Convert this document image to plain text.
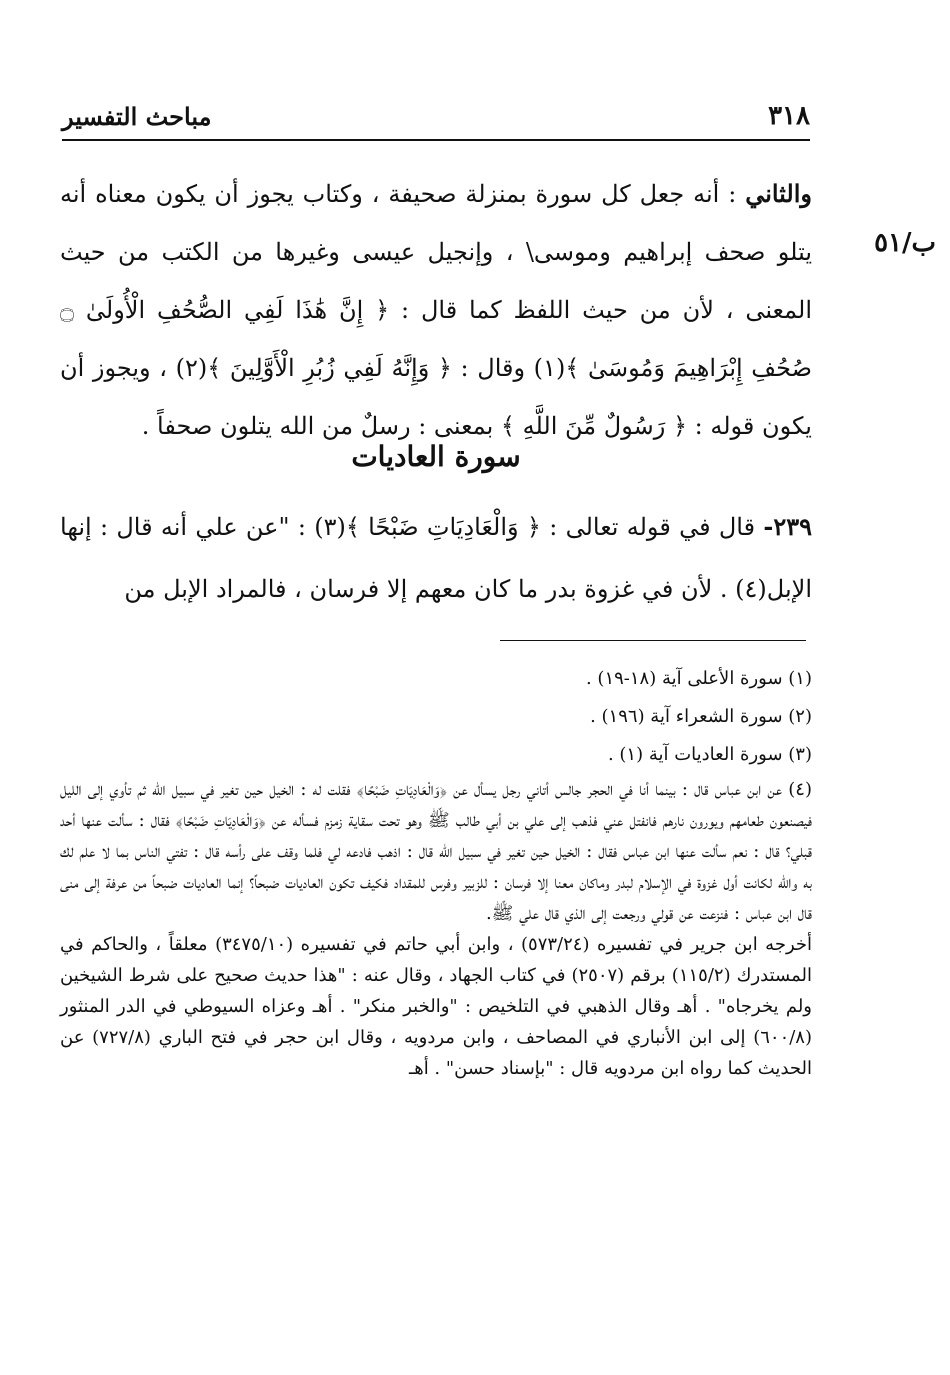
٣١٨
مباحث التفسير
ب/٥١

والثاني : أنه جعل كل سورة بمنزلة صحيفة ، وكتاب يجوز أن يكون معناه أنه يتلو صحف إبراهيم وموسى\ ، وإنجيل عيسى وغيرها من الكتب من حيث المعنى ، لأن من حيث اللفظ كما قال : ﴿ إِنَّ هَٰذَا لَفِي الصُّحُفِ الْأُولَىٰ ۝ صُحُفِ إِبْرَاهِيمَ وَمُوسَىٰ ﴾(١) وقال : ﴿ وَإِنَّهُ لَفِي زُبُرِ الْأَوَّلِينَ ﴾(٢) ، ويجوز أن يكون قوله : ﴿ رَسُولٌ مِّنَ اللَّهِ ﴾ بمعنى : رسلٌ من الله يتلون صحفاً .

سورة العاديات

٢٣٩- قال في قوله تعالى : ﴿ وَالْعَادِيَاتِ ضَبْحًا ﴾(٣) : "عن علي أنه قال : إنها الإبل(٤) . لأن في غزوة بدر ما كان معهم إلا فرسان ، فالمراد الإبل من

(١) سورة الأعلى آية (١٨-١٩) .

(٢) سورة الشعراء آية (١٩٦) .

(٣) سورة العاديات آية (١) .

(٤) عن ابن عباس قال : بينما أنا في الحجر جالس أتاني رجل يسأل عن ﴿وَالْعَادِيَاتِ ضَبْحًا﴾ فقلت له : الخيل حين تغير في سبيل الله ثم تأوي إلى الليل فيصنعون طعامهم ويورون نارهم فانفتل عني فذهب إلى علي بن أبي طالب ﷺ وهو تحت سقاية زمزم فسأله عن ﴿وَالْعَادِيَاتِ ضَبْحًا﴾ فقال : سألت عنها أحد قبلي؟ قال : نعم سألت عنها ابن عباس فقال : الخيل حين تغير في سبيل الله قال : اذهب فادعه لي فلما وقف على رأسه قال : تفتي الناس بما لا علم لك به والله لكانت أول غزوة في الإسلام لبدر وماكان معنا إلا فرسان : للزبير وفرس للمقداد فكيف تكون العاديات ضبحاً؟ إنما العاديات ضبحاً من عرفة إلى منى قال ابن عباس : فنزعت عن قولي ورجعت إلى الذي قال علي ﷺ.

أخرجه ابن جرير في تفسيره (٥٧٣/٢٤) ، وابن أبي حاتم في تفسيره (٣٤٧٥/١٠) معلقاً ، والحاكم في المستدرك (١١٥/٢) برقم (٢٥٠٧) في كتاب الجهاد ، وقال عنه : "هذا حديث صحيح على شرط الشيخين ولم يخرجاه" . أهـ وقال الذهبي في التلخيص : "والخبر منكر" . أهـ وعزاه السيوطي في الدر المنثور (٦٠٠/٨) إلى ابن الأنباري في المصاحف ، وابن مردويه ، وقال ابن حجر في فتح الباري (٧٢٧/٨) عن الحديث كما رواه ابن مردويه قال : "بإسناد حسن" . أهـ
